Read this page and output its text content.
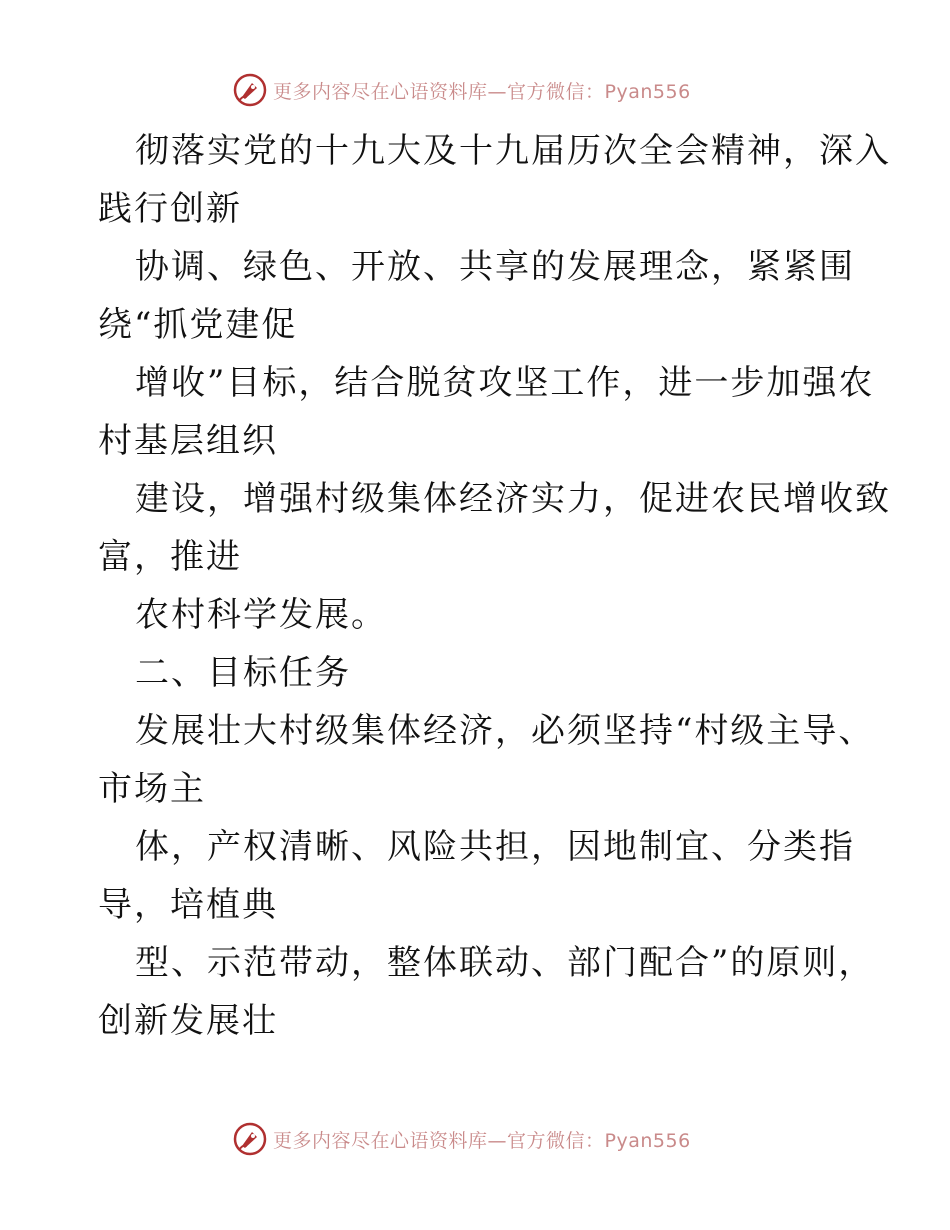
更多内容尽在心语资料库—官方微信：Pyan556
彻落实党的十九大及十九届历次全会精神，深入
践行创新
协调、绿色、开放、共享的发展理念，紧紧围
绕“抓党建促
增收”目标，结合脱贫攻坚工作，进一步加强农
村基层组织
建设，增强村级集体经济实力，促进农民增收致
富，推进
农村科学发展。
二、目标任务
发展壮大村级集体经济，必须坚持“村级主导、
市场主
体，产权清晰、风险共担，因地制宜、分类指
导，培植典
型、示范带动，整体联动、部门配合”的原则，
创新发展壮
更多内容尽在心语资料库—官方微信：Pyan556
